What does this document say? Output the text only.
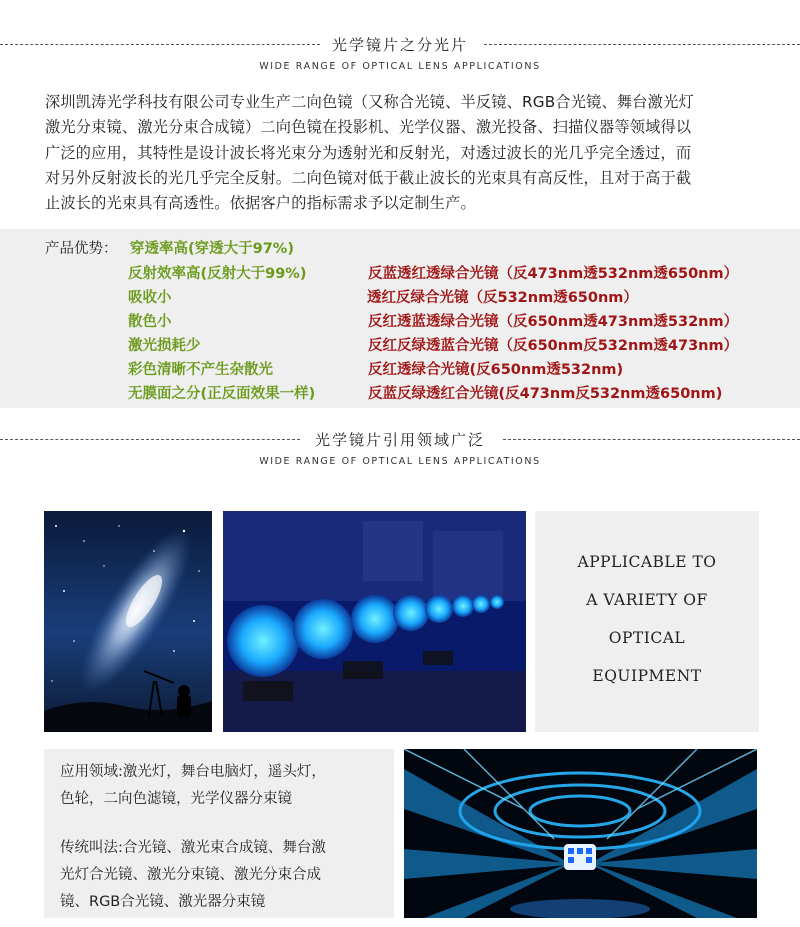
光学镜片之分光片
WIDE RANGE OF OPTICAL LENS APPLICATIONS
深圳凯涛光学科技有限公司专业生产二向色镜（又称合光镜、半反镜、RGB合光镜、舞台激光灯
激光分束镜、激光分束合成镜）二向色镜在投影机、光学仪器、激光投备、扫描仪器等领域得以
广泛的应用，其特性是设计波长将光束分为透射光和反射光，对透过波长的光几乎完全透过，而
对另外反射波长的光几乎完全反射。二向色镜对低于截止波长的光束具有高反性，且对于高于截
止波长的光束具有高透性。依据客户的指标需求予以定制生产。
产品优势： 穿透率高(穿透大于97%)
反射效率高(反射大于99%)
吸收小
散色小
激光损耗少
彩色清晰不产生杂散光
无膜面之分(正反面效果一样)
反蓝透红透绿合光镜（反473nm透532nm透650nm）
透红反绿合光镜（反532nm透650nm）
反红透蓝透绿合光镜（反650nm透473nm透532nm）
反红反绿透蓝合光镜（反650nm反532nm透473nm）
反红透绿合光镜(反650nm透532nm)
反蓝反绿透红合光镜(反473nm反532nm透650nm)
光学镜片引用领域广泛
WIDE RANGE OF OPTICAL LENS APPLICATIONS
APPLICABLE TO
A VARIETY OF
OPTICAL
EQUIPMENT
应用领域:激光灯，舞台电脑灯，遥头灯，
色轮，二向色滤镜，光学仪器分束镜
传统叫法:合光镜、激光束合成镜、舞台激
光灯合光镜、激光分束镜、激光分束合成
镜、RGB合光镜、激光器分束镜
